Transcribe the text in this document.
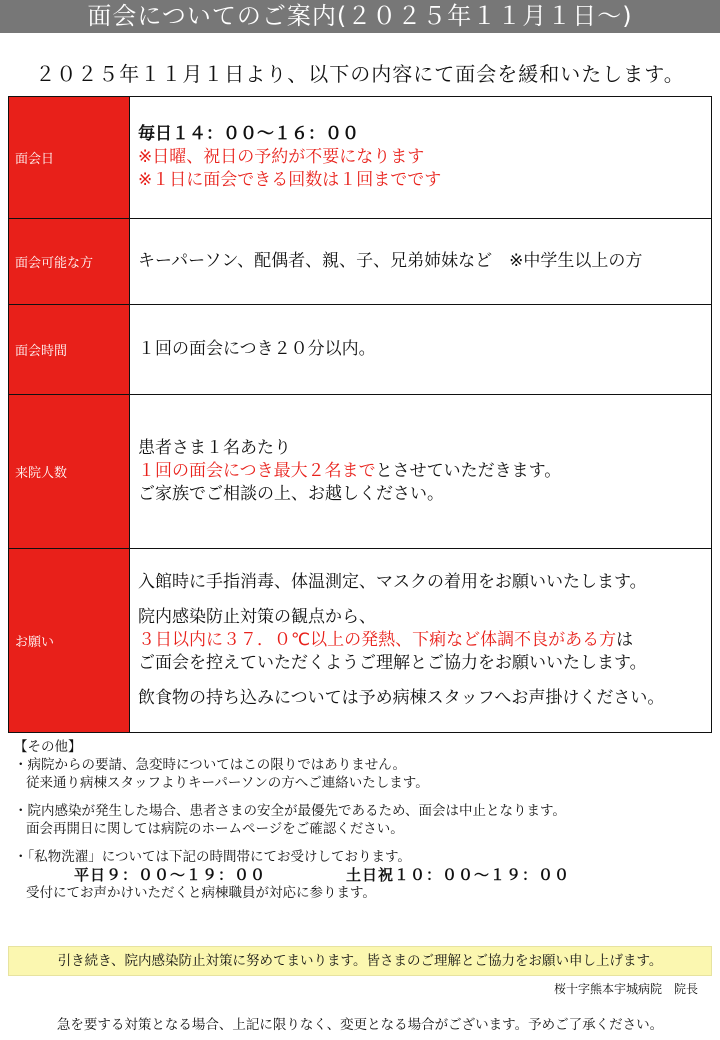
面会についてのご案内(２０２５年１１月１日〜)
２０２５年１１月１日より、以下の内容にて面会を緩和いたします。
面会日	毎日１４：００〜１６：００
※日曜、祝日の予約が不要になります
※１日に面会できる回数は１回までです

面会可能な方	キーパーソン、配偶者、親、子、兄弟姉妹など　※中学生以上の方
面会時間	１回の面会につき２０分以内。
来院人数	患者さま１名あたり
１回の面会につき最大２名までとさせていただきます。
ご家族でご相談の上、お越しください。

お願い	入館時に手指消毒、体温測定、マスクの着用をお願いいたします。
院内感染防止対策の観点から、
３日以内に３７．０℃以上の発熱、下痢など体調不良がある方は
ご面会を控えていただくようご理解とご協力をお願いいたします。
飲食物の持ち込みについては予め病棟スタッフへお声掛けください。
【その他】
・病院からの要請、急変時についてはこの限りではありません。
従来通り病棟スタッフよりキーパーソンの方へご連絡いたします。
・院内感染が発生した場合、患者さまの安全が最優先であるため、面会は中止となります。
面会再開日に関しては病院のホームページをご確認ください。
・「私物洗濯」については下記の時間帯にてお受けしております。
平日９：００〜１９：００	土日祝１０：００〜１９：００
受付にてお声かけいただくと病棟職員が対応に参ります。
引き続き、院内感染防止対策に努めてまいります。皆さまのご理解とご協力をお願い申し上げます。
桜十字熊本宇城病院　院長
急を要する対策となる場合、上記に限りなく、変更となる場合がございます。予めご了承ください。
